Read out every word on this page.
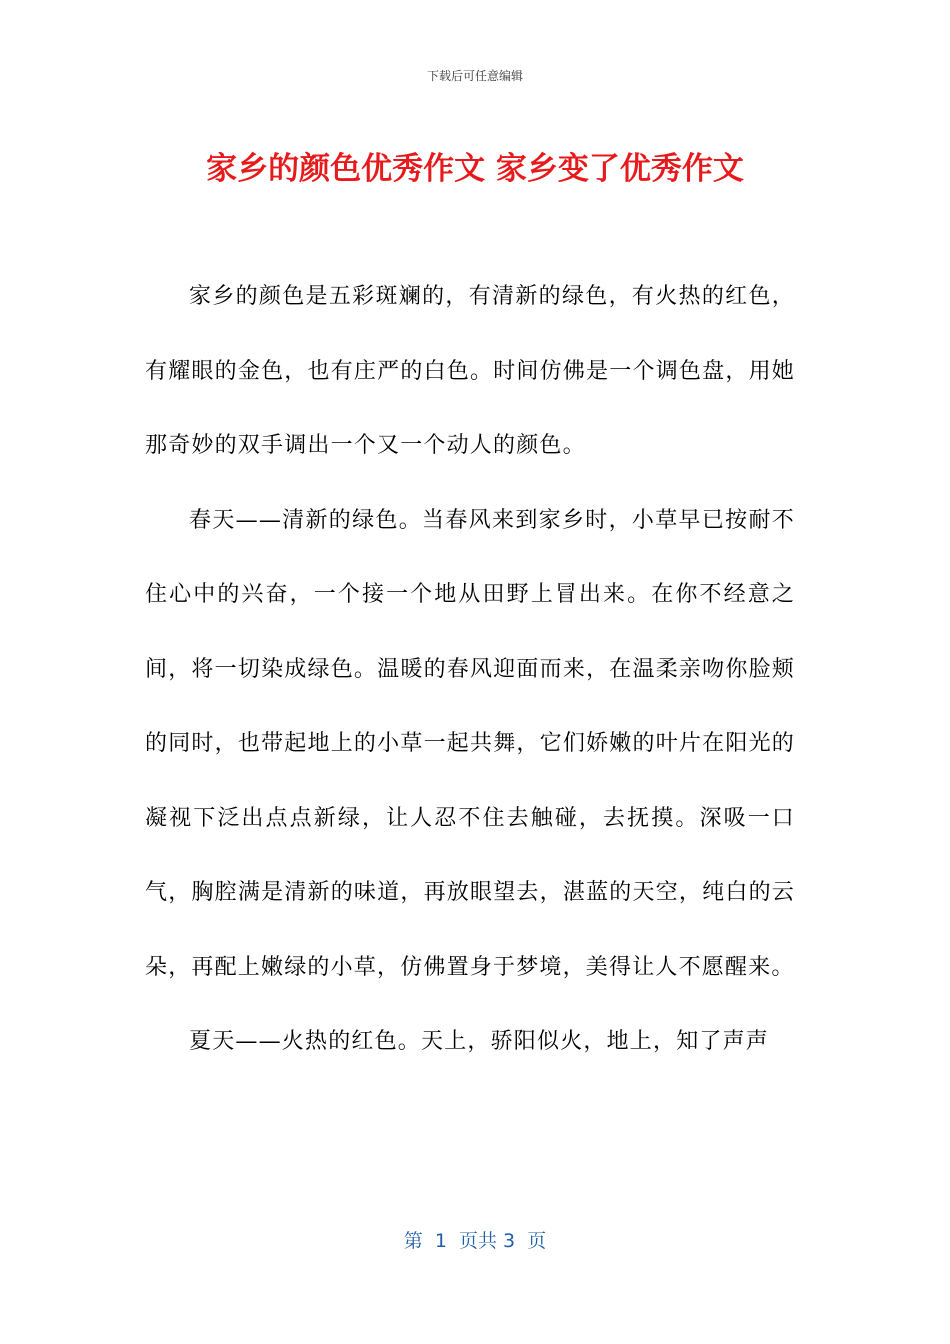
下载后可任意编辑
家乡的颜色优秀作文 家乡变了优秀作文

家乡的颜色是五彩斑斓的，有清新的绿色，有火热的红色，有耀眼的金色，也有庄严的白色。时间仿佛是一个调色盘，用她那奇妙的双手调出一个又一个动人的颜色。

春天——清新的绿色。当春风来到家乡时，小草早已按耐不住心中的兴奋，一个接一个地从田野上冒出来。在你不经意之间，将一切染成绿色。温暖的春风迎面而来，在温柔亲吻你脸颊的同时，也带起地上的小草一起共舞，它们娇嫩的叶片在阳光的凝视下泛出点点新绿，让人忍不住去触碰，去抚摸。深吸一口气，胸腔满是清新的味道，再放眼望去，湛蓝的天空，纯白的云朵，再配上嫩绿的小草，仿佛置身于梦境，美得让人不愿醒来。

夏天——火热的红色。天上，骄阳似火，地上，知了声声

第  1  页共 3  页
